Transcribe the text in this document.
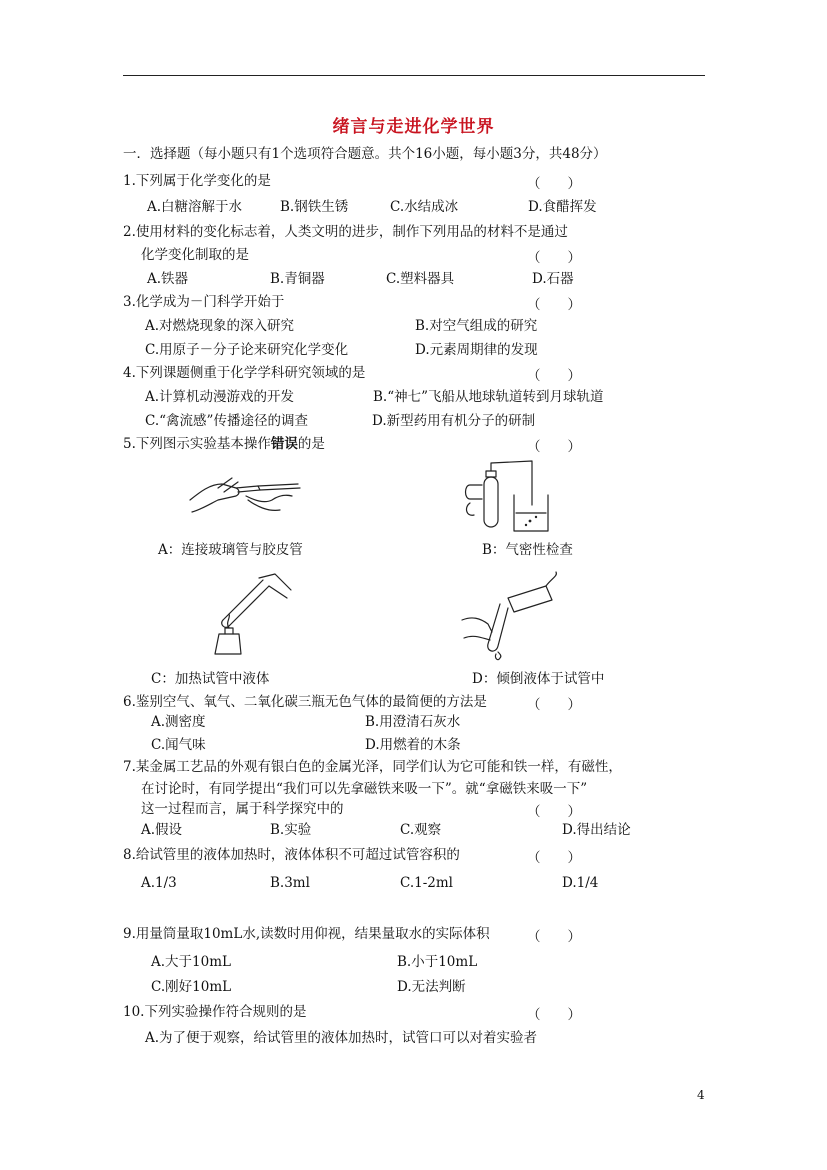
绪言与走进化学世界
一．选择题（每小题只有1个选项符合题意。共个16小题，每小题3分，共48分）
1.下列属于化学变化的是	（　　）
A.白糖溶解于水	B.钢铁生锈	C.水结成冰	D.食醋挥发
2.使用材料的变化标志着，人类文明的进步，制作下列用品的材料不是通过
化学变化制取的是	（　　）
A.铁器	B.青铜器	C.塑料器具	D.石器
3.化学成为－门科学开始于	（　　）
A.对燃烧现象的深入研究	B.对空气组成的研究
C.用原子－分子论来研究化学变化	D.元素周期律的发现
4.下列课题侧重于化学学科研究领域的是	（　　）
A.计算机动漫游戏的开发	B.“神七”飞船从地球轨道转到月球轨道
C.“禽流感”传播途径的调查	D.新型药用有机分子的研制
5.下列图示实验基本操作错误的是	（　　）
A：连接玻璃管与胶皮管	B：气密性检查
C：加热试管中液体	D：倾倒液体于试管中
6.鉴别空气、氧气、二氧化碳三瓶无色气体的最简便的方法是	（　　）
A.测密度	B.用澄清石灰水
C.闻气味	D.用燃着的木条
7.某金属工艺品的外观有银白色的金属光泽，同学们认为它可能和铁一样，有磁性，
在讨论时，有同学提出“我们可以先拿磁铁来吸一下”。就“拿磁铁来吸一下”
这一过程而言，属于科学探究中的	（　　）
A.假设	B.实验	C.观察	D.得出结论
8.给试管里的液体加热时，液体体积不可超过试管容积的	（　　）
A.1/3	B.3ml	C.1-2ml	D.1/4
9.用量筒量取10mL水,读数时用仰视，结果量取水的实际体积	（　　）
A.大于10mL	B.小于10mL
C.刚好10mL	D.无法判断
10.下列实验操作符合规则的是	（　　）
A.为了便于观察，给试管里的液体加热时，试管口可以对着实验者
4
